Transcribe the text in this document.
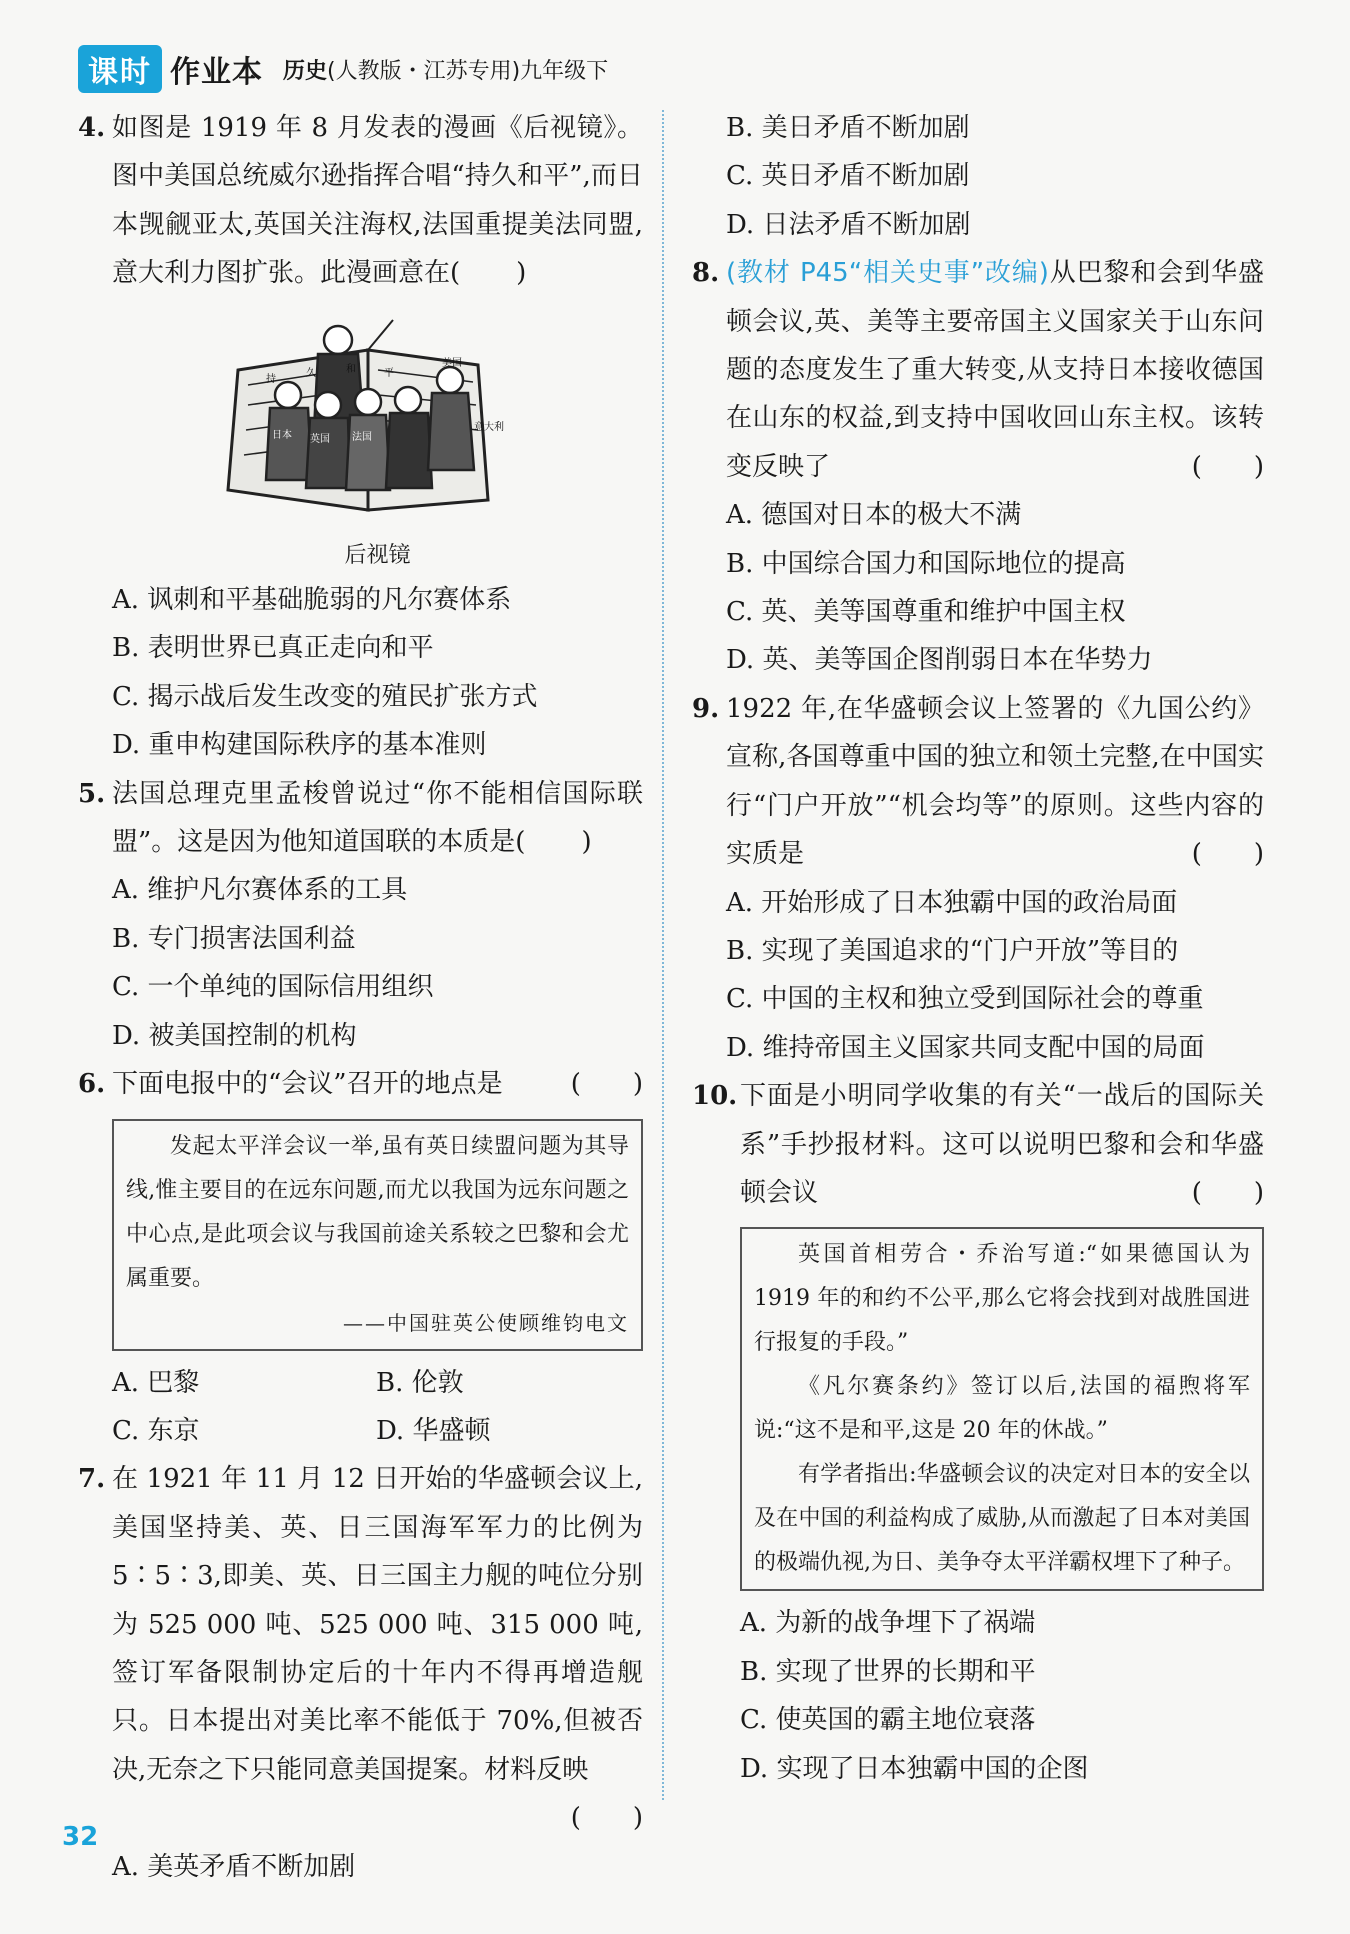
课时 作业本 历史(人教版・江苏专用)九年级下
4. 如图是 1919 年 8 月发表的漫画《后视镜》。图中美国总统威尔逊指挥合唱“持久和平”,而日本觊觎亚太,英国关注海权,法国重提美法同盟,意大利力图扩张。此漫画意在( )
持
久	和	平
美国
英国 法国
日本
意大利
后视镜
A. 讽刺和平基础脆弱的凡尔赛体系
B. 表明世界已真正走向和平
C. 揭示战后发生改变的殖民扩张方式
D. 重申构建国际秩序的基本准则
5. 法国总理克里孟梭曾说过“你不能相信国际联盟”。这是因为他知道国联的本质是( )
A. 维护凡尔赛体系的工具
B. 专门损害法国利益
C. 一个单纯的国际信用组织
D. 被美国控制的机构
6. 下面电报中的“会议”召开的地点是	(　　)

发起太平洋会议一举,虽有英日续盟问题为其导线,惟主要目的在远东问题,而尤以我国为远东问题之中心点,是此项会议与我国前途关系较之巴黎和会尤属重要。

——中国驻英公使顾维钧电文

A. 巴黎	B. 伦敦
C. 东京	D. 华盛顿
7. 在 1921 年 11 月 12 日开始的华盛顿会议上,美国坚持美、英、日三国海军军力的比例为 5∶5∶3,即美、英、日三国主力舰的吨位分别为 525 000 吨、525 000 吨、315 000 吨,签订军备限制协定后的十年内不得再增造舰只。日本提出对美比率不能低于 70%,但被否决,无奈之下只能同意美国提案。材料反映
(　　)
A. 美英矛盾不断加剧
B. 美日矛盾不断加剧
C. 英日矛盾不断加剧
D. 日法矛盾不断加剧
8. (教材 P45“相关史事”改编)从巴黎和会到华盛顿会议,英、美等主要帝国主义国家关于山东问题的态度发生了重大转变,从支持日本接收德国在山东的权益,到支持中国收回山东主权。该转变反映了	(　　)
A. 德国对日本的极大不满
B. 中国综合国力和国际地位的提高
C. 英、美等国尊重和维护中国主权
D. 英、美等国企图削弱日本在华势力
9. 1922 年,在华盛顿会议上签署的《九国公约》宣称,各国尊重中国的独立和领土完整,在中国实行“门户开放”“机会均等”的原则。这些内容的实质是	(　　)
A. 开始形成了日本独霸中国的政治局面
B. 实现了美国追求的“门户开放”等目的
C. 中国的主权和独立受到国际社会的尊重
D. 维持帝国主义国家共同支配中国的局面
10. 下面是小明同学收集的有关“一战后的国际关系”手抄报材料。这可以说明巴黎和会和华盛顿会议	(　　)

英国首相劳合・乔治写道:“如果德国认为 1919 年的和约不公平,那么它将会找到对战胜国进行报复的手段。”

《凡尔赛条约》签订以后,法国的福煦将军说:“这不是和平,这是 20 年的休战。”

有学者指出:华盛顿会议的决定对日本的安全以及在中国的利益构成了威胁,从而激起了日本对美国的极端仇视,为日、美争夺太平洋霸权埋下了种子。

A. 为新的战争埋下了祸端
B. 实现了世界的长期和平
C. 使英国的霸主地位衰落
D. 实现了日本独霸中国的企图
32
